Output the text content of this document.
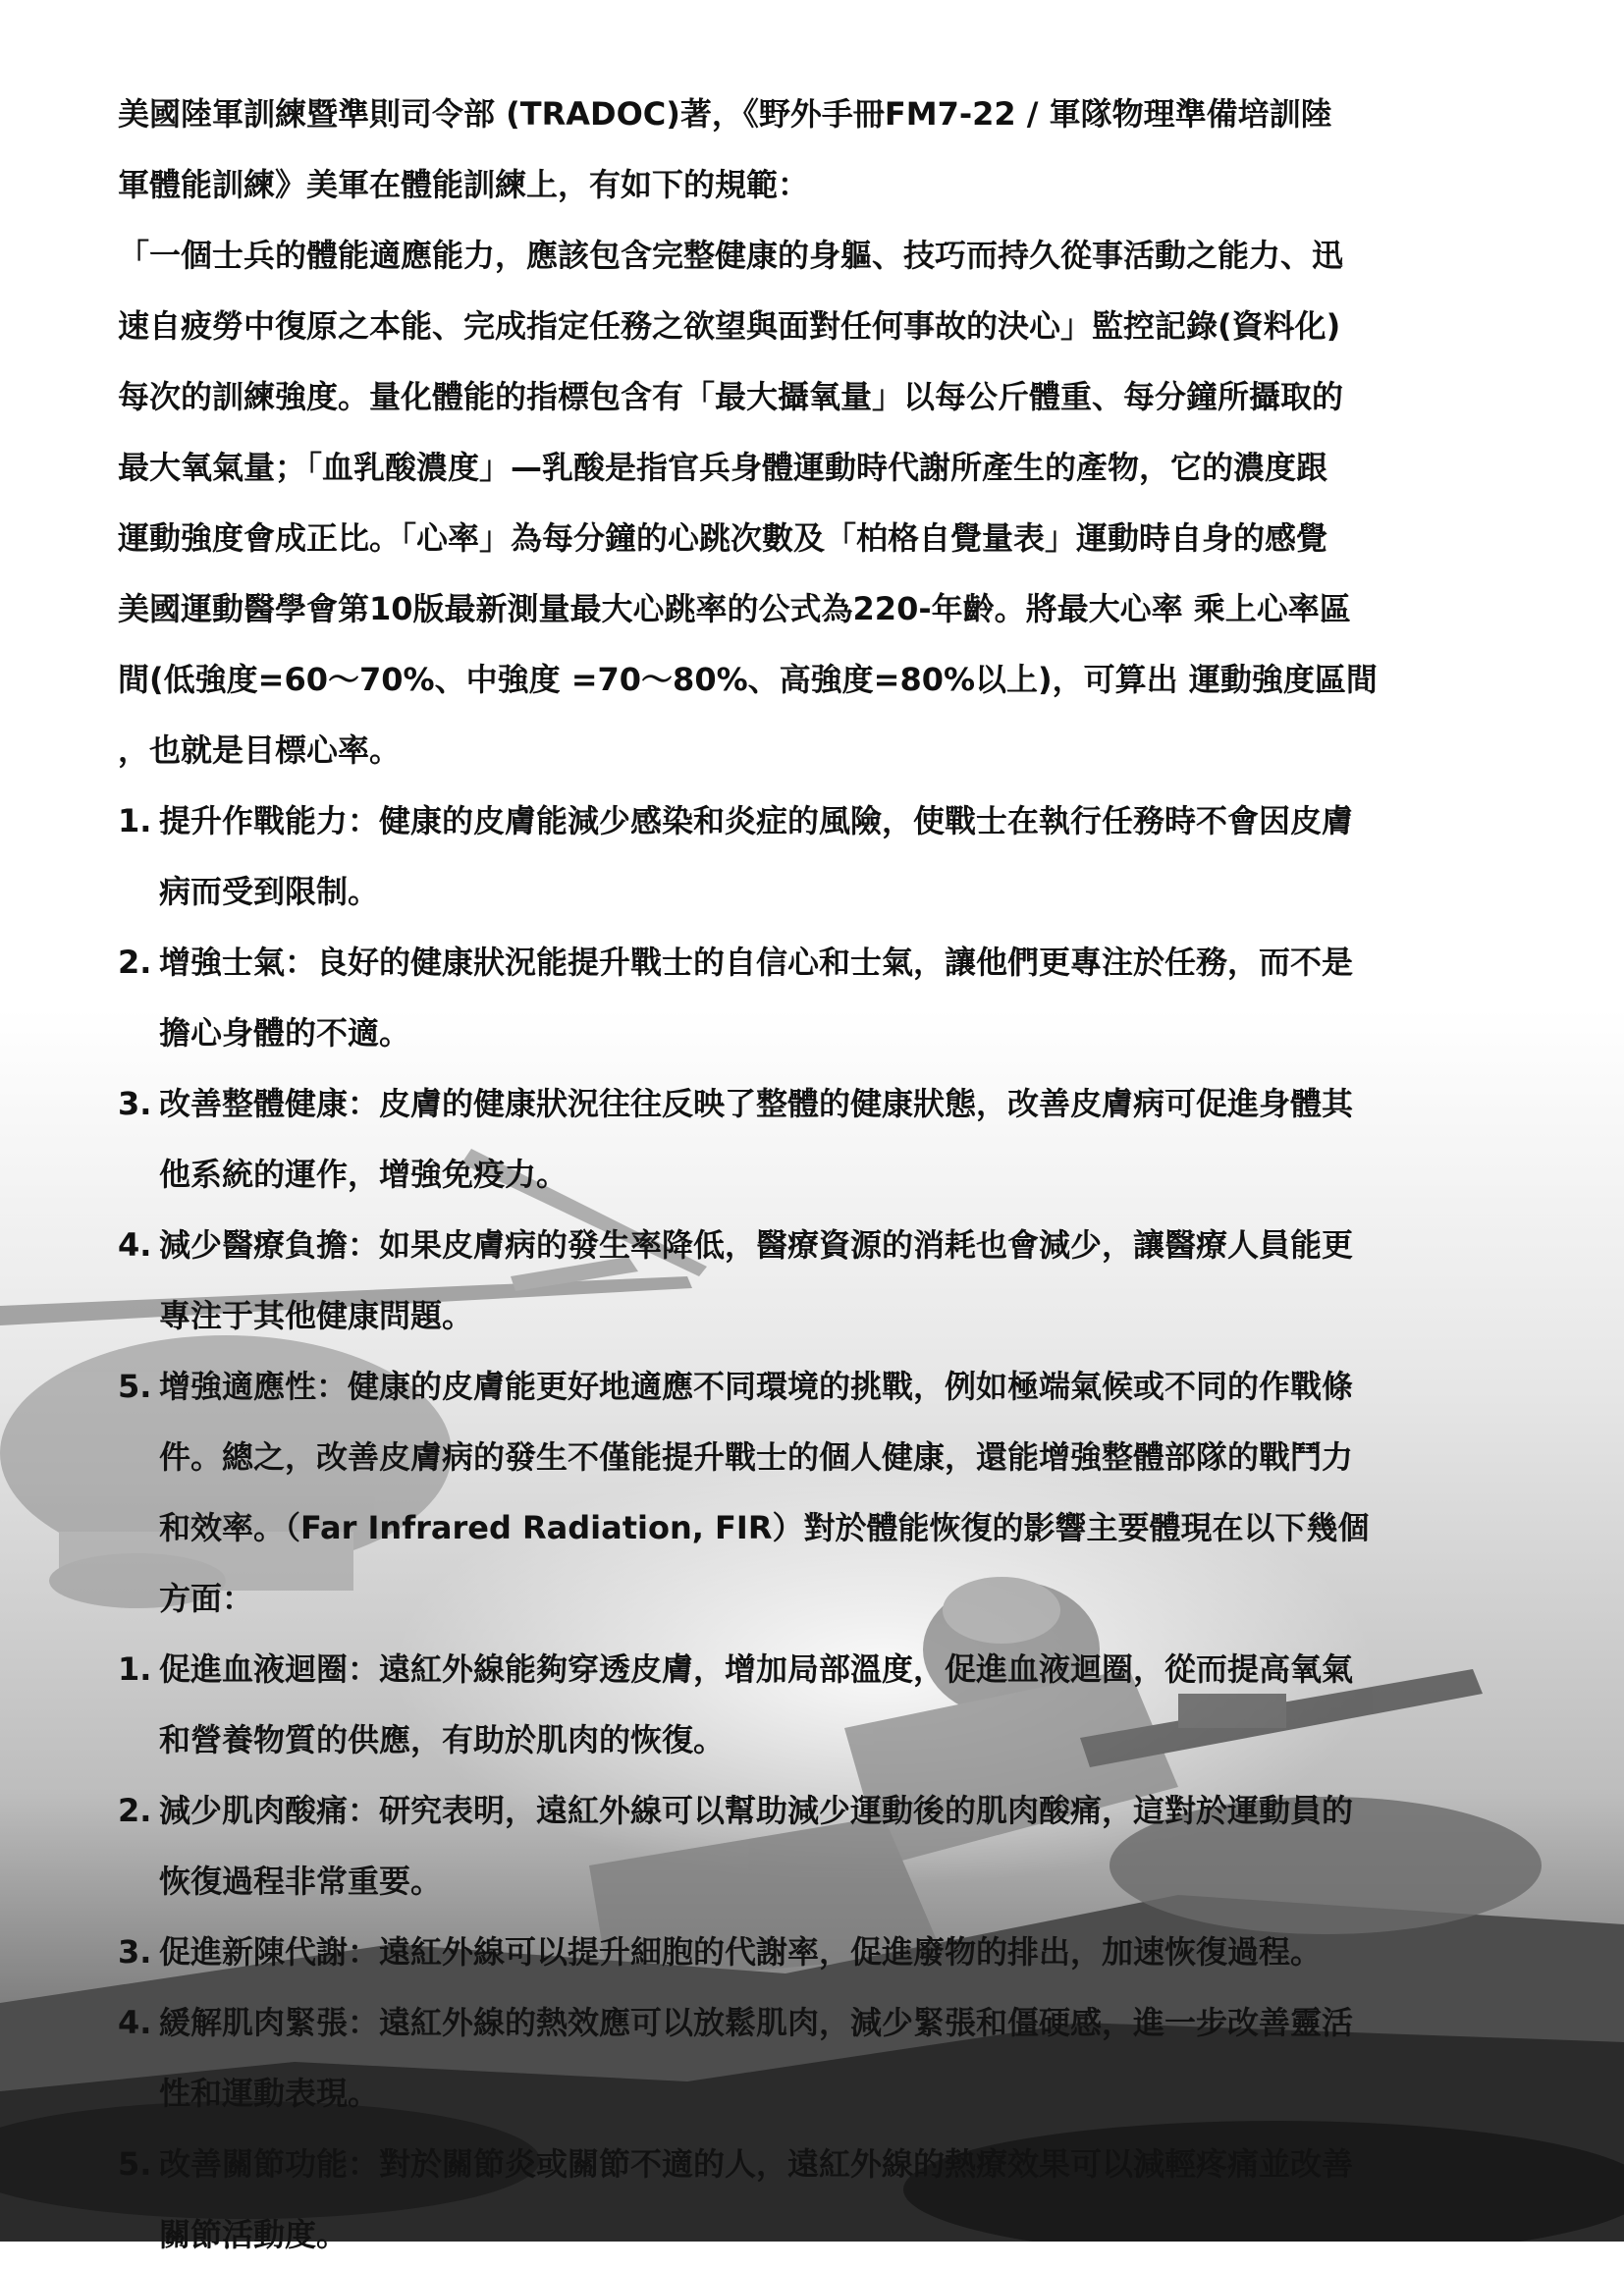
美國陸軍訓練暨準則司令部 (TRADOC)著，《野外手冊FM7-22 / 軍隊物理準備培訓陸
軍體能訓練》美軍在體能訓練上，有如下的規範：
「一個士兵的體能適應能力，應該包含完整健康的身軀、技巧而持久從事活動之能力、迅
速自疲勞中復原之本能、完成指定任務之欲望與面對任何事故的決心」監控記錄(資料化)
每次的訓練強度。量化體能的指標包含有「最大攝氧量」以每公斤體重、每分鐘所攝取的
最大氧氣量；「血乳酸濃度」—乳酸是指官兵身體運動時代謝所產生的產物，它的濃度跟
運動強度會成正比。「心率」為每分鐘的心跳次數及「柏格自覺量表」運動時自身的感覺
美國運動醫學會第10版最新測量最大心跳率的公式為220-年齡。將最大心率 乘上心率區
間(低強度=60～70%、中強度 =70～80%、高強度=80%以上)，可算出 運動強度區間
，也就是目標心率。
1. 提升作戰能力：健康的皮膚能減少感染和炎症的風險，使戰士在執行任務時不會因皮膚
病而受到限制。
2. 增強士氣：良好的健康狀況能提升戰士的自信心和士氣，讓他們更專注於任務，而不是
擔心身體的不適。
3. 改善整體健康：皮膚的健康狀況往往反映了整體的健康狀態，改善皮膚病可促進身體其
他系統的運作，增強免疫力。
4. 減少醫療負擔：如果皮膚病的發生率降低，醫療資源的消耗也會減少，讓醫療人員能更
專注于其他健康問題。
5. 增強適應性：健康的皮膚能更好地適應不同環境的挑戰，例如極端氣候或不同的作戰條
件。總之，改善皮膚病的發生不僅能提升戰士的個人健康，還能增強整體部隊的戰鬥力
和效率。（Far Infrared Radiation, FIR）對於體能恢復的影響主要體現在以下幾個
方面：
1. 促進血液迴圈：遠紅外線能夠穿透皮膚，增加局部溫度，促進血液迴圈，從而提高氧氣
和營養物質的供應，有助於肌肉的恢復。
2. 減少肌肉酸痛：研究表明，遠紅外線可以幫助減少運動後的肌肉酸痛，這對於運動員的
恢復過程非常重要。
3. 促進新陳代謝：遠紅外線可以提升細胞的代謝率，促進廢物的排出，加速恢復過程。
4. 緩解肌肉緊張：遠紅外線的熱效應可以放鬆肌肉，減少緊張和僵硬感，進一步改善靈活
性和運動表現。
5. 改善關節功能：對於關節炎或關節不適的人，遠紅外線的熱療效果可以減輕疼痛並改善
關節活動度。
